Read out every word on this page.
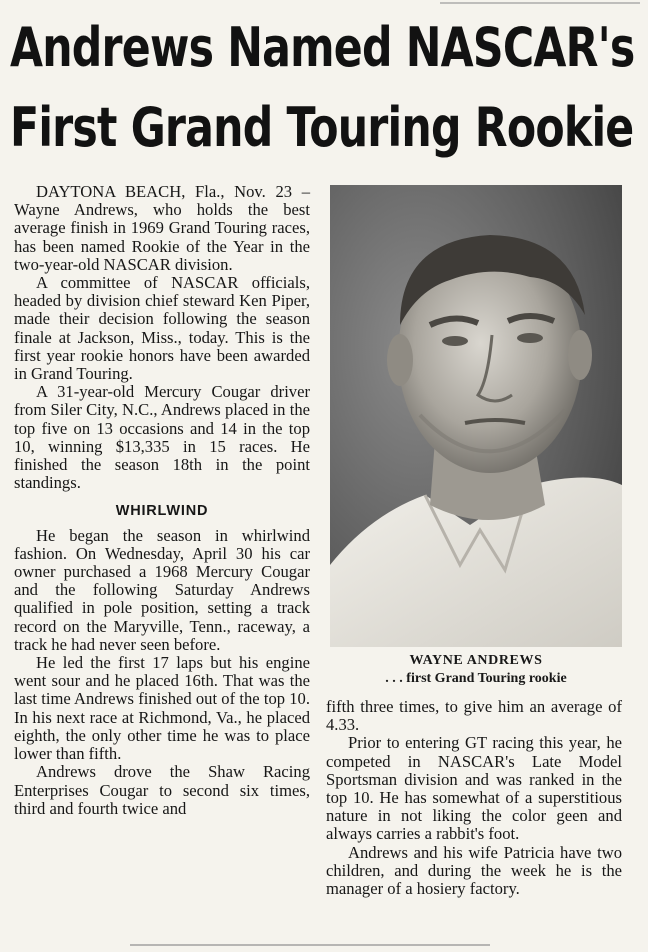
Andrews Named NASCAR's
First Grand Touring Rookie

DAYTONA BEACH, Fla., Nov. 23 – Wayne Andrews, who holds the best average finish in 1969 Grand Touring races, has been named Rookie of the Year in the two-year-old NASCAR division.

A committee of NASCAR officials, headed by division chief steward Ken Piper, made their decision following the season finale at Jackson, Miss., today. This is the first year rookie honors have been awarded in Grand Touring.

A 31-year-old Mercury Cougar driver from Siler City, N.C., Andrews placed in the top five on 13 occasions and 14 in the top 10, winning $13,335 in 15 races. He finished the season 18th in the point standings.

WHIRLWIND

He began the season in whirlwind fashion. On Wednesday, April 30 his car owner purchased a 1968 Mercury Cougar and the following Saturday Andrews qualified in pole position, setting a track record on the Maryville, Tenn., raceway, a track he had never seen before.

He led the first 17 laps but his engine went sour and he placed 16th. That was the last time Andrews finished out of the top 10. In his next race at Richmond, Va., he placed eighth, the only other time he was to place lower than fifth.

Andrews drove the Shaw Racing Enterprises Cougar to second six times, third and fourth twice and

WAYNE ANDREWS
. . . first Grand Touring rookie

fifth three times, to give him an average of 4.33.

Prior to entering GT racing this year, he competed in NASCAR's Late Model Sportsman division and was ranked in the top 10. He has somewhat of a superstitious nature in not liking the color geen and always carries a rabbit's foot.

Andrews and his wife Patricia have two children, and during the week he is the manager of a hosiery factory.
